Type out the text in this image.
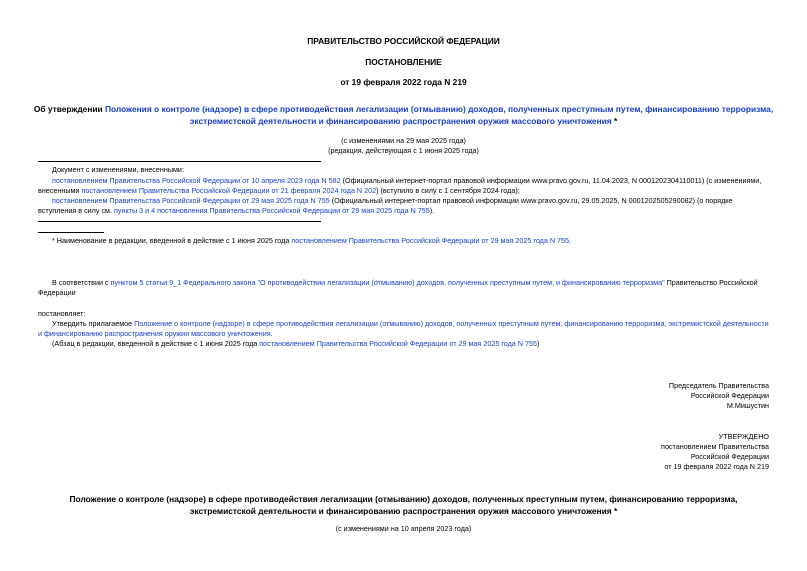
ПРАВИТЕЛЬСТВО РОССИЙСКОЙ ФЕДЕРАЦИИ
ПОСТАНОВЛЕНИЕ
от 19 февраля 2022 года N 219
Об утверждении Положения о контроле (надзоре) в сфере противодействия легализации (отмыванию) доходов, полученных преступным путем, финансированию терроризма, экстремистской деятельности и финансированию распространения оружия массового уничтожения *
(с изменениями на 29 мая 2025 года)
(редакция, действующая с 1 июня 2025 года)
Документ с изменениями, внесенными:
постановлением Правительства Российской Федерации от 10 апреля 2023 года N 582 (Официальный интернет-портал правовой информации www.pravo.gov.ru, 11.04.2023, N 0001202304110011) (с изменениями, внесенными постановлением Правительства Российской Федерации от 21 февраля 2024 года N 202) (вступило в силу с 1 сентября 2024 года);
постановлением Правительства Российской Федерации от 29 мая 2025 года N 755 (Официальный интернет-портал правовой информации www.pravo.gov.ru, 29.05.2025, N 0001202505290082) (о порядке вступления в силу см. пункты 3 и 4 постановления Правительства Российской Федерации от 29 мая 2025 года N 755).
* Наименование в редакции, введенной в действие с 1 июня 2025 года постановлением Правительства Российской Федерации от 29 мая 2025 года N 755.
В соответствии с пунктом 5 статьи 9_1 Федерального закона "О противодействии легализации (отмыванию) доходов, полученных преступным путем, и финансированию терроризма" Правительство Российской Федерации
постановляет:
Утвердить прилагаемое Положение о контроле (надзоре) в сфере противодействия легализации (отмыванию) доходов, полученных преступным путем, финансированию терроризма, экстремистской деятельности и финансированию распространения оружия массового уничтожения.
(Абзац в редакции, введенной в действие с 1 июня 2025 года постановлением Правительства Российской Федерации от 29 мая 2025 года N 755)
Председатель Правительства
Российской Федерации
М.Мишустин
УТВЕРЖДЕНО
постановлением Правительства
Российской Федерации
от 19 февраля 2022 года N 219
Положение о контроле (надзоре) в сфере противодействия легализации (отмыванию) доходов, полученных преступным путем, финансированию терроризма, экстремистской деятельности и финансированию распространения оружия массового уничтожения *
(с изменениями на 10 апреля 2023 года)
